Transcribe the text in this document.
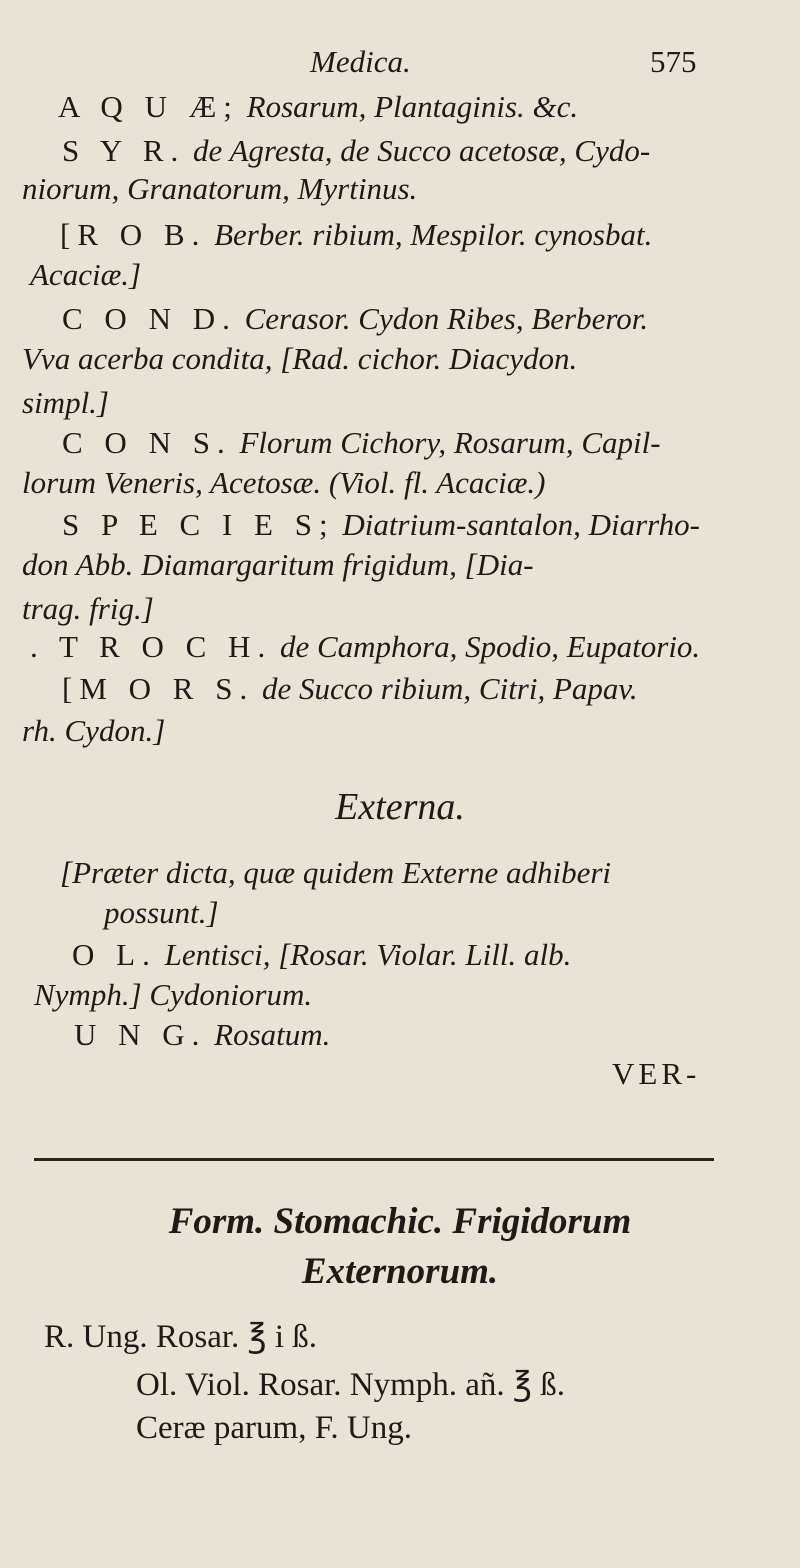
Medica.	575
A Q U Æ; Rosarum, Plantaginis. &c.
S Y R. de Agresta, de Succo acetosæ, Cydo-
niorum, Granatorum, Myrtinus.
[R O B. Berber. ribium, Mespilor. cynosbat.
Acaciæ.]
C O N D. Cerasor. Cydon Ribes, Berberor.
Vva acerba condita, [Rad. cichor. Diacydon.
simpl.]
C O N S. Florum Cichory, Rosarum, Capil-
lorum Veneris, Acetosæ. (Viol. fl. Acaciæ.)
S P E C I E S; Diatrium-santalon, Diarrho-
don Abb. Diamargaritum frigidum, [Dia-
trag. frig.]
. T R O C H. de Camphora, Spodio, Eupatorio.
[M O R S. de Succo ribium, Citri, Papav.
rh. Cydon.]
Externa.
[Præter dicta, quæ quidem Externe adhiberi
possunt.]
O L. Lentisci, [Rosar. Violar. Lill. alb.
Nymph.] Cydoniorum.
U N G. Rosatum.
VER-
Form. Stomachic. Frigidorum
Externorum.
R. Ung. Rosar. ℥ i ß.
Ol. Viol. Rosar. Nymph. añ. ℥ ß.
Ceræ parum, F. Ung.
